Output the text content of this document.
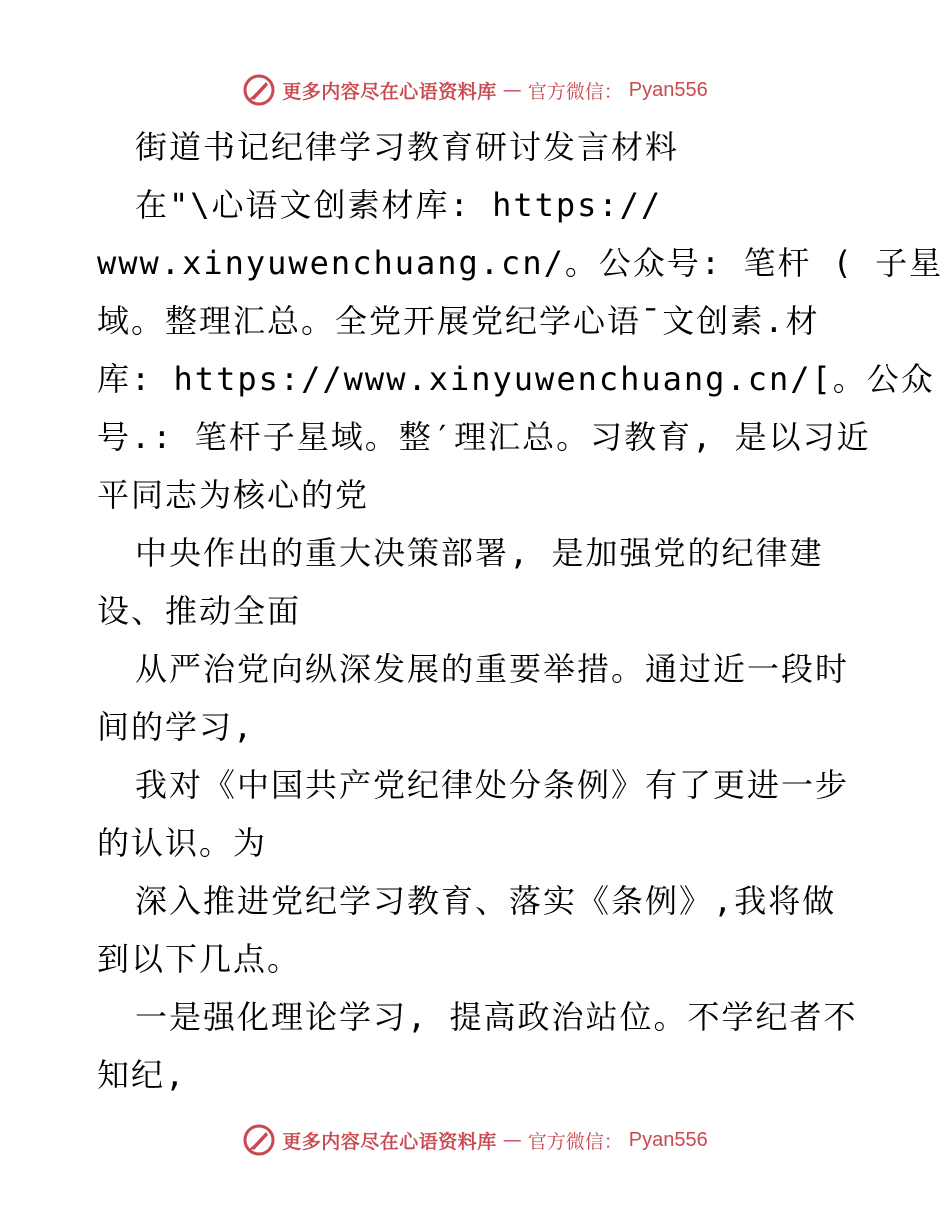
更多内容尽在心语资料库 — 官方微信： Pyan556
街道书记纪律学习教育研讨发言材料
在"\心语文创素材库: https://
www.xinyuwenchuang.cn/。公众号: 笔杆 ( 子星
域。整理汇总。全党开展党纪学心语¯文创素.材
库: https://www.xinyuwenchuang.cn/[。公众
号.: 笔杆子星域。整′理汇总。习教育, 是以习近
平同志为核心的党
中央作出的重大决策部署, 是加强党的纪律建
设、推动全面
从严治党向纵深发展的重要举措。通过近一段时
间的学习,
我对《中国共产党纪律处分条例》有了更进一步
的认识。为
深入推进党纪学习教育、落实《条例》,我将做
到以下几点。
一是强化理论学习, 提高政治站位。不学纪者不
知纪,
更多内容尽在心语资料库 — 官方微信： Pyan556
